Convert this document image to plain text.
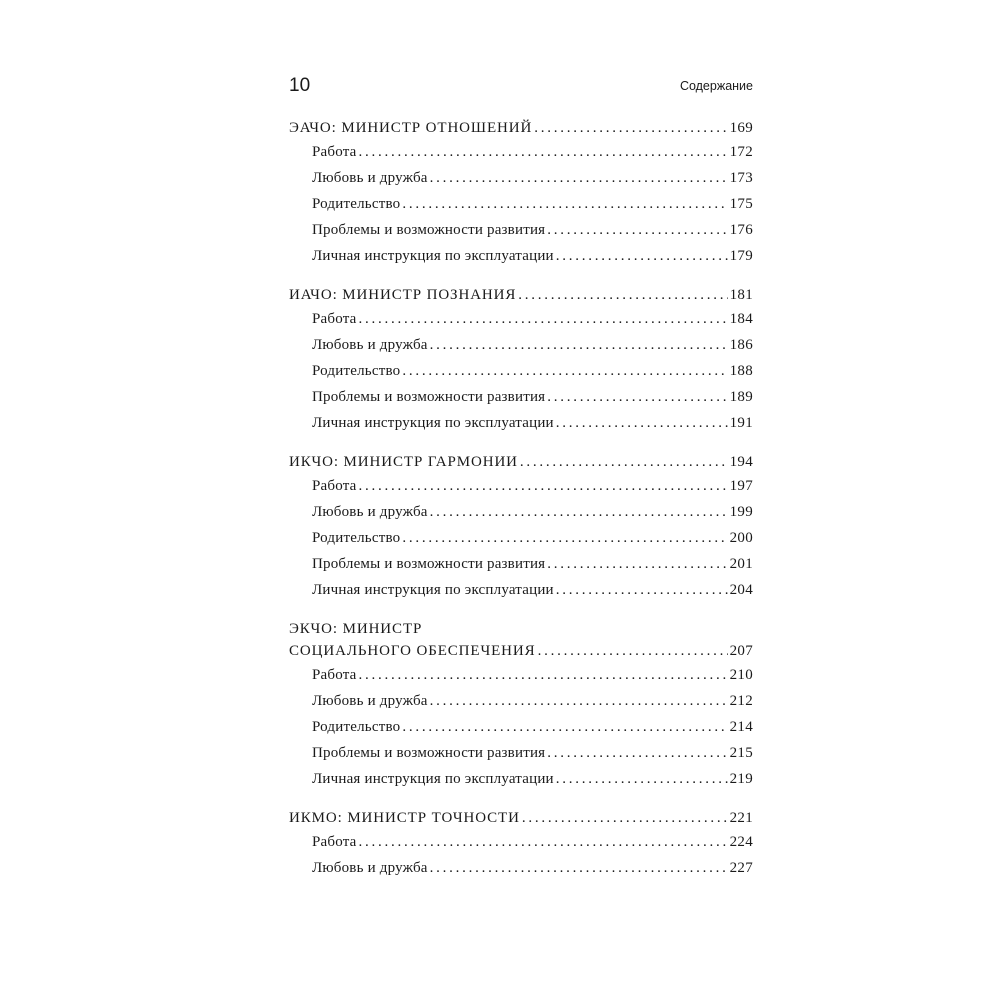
10	Содержание
ЭАЧО: МИНИСТР ОТНОШЕНИЙ . . .	169
Работа . . .	172
Любовь и дружба . . .	173
Родительство . . .	175
Проблемы и возможности развития . . .	176
Личная инструкция по эксплуатации . . .	179
ИАЧО: МИНИСТР ПОЗНАНИЯ . . .	181
Работа . . .	184
Любовь и дружба . . .	186
Родительство . . .	188
Проблемы и возможности развития . . .	189
Личная инструкция по эксплуатации . . .	191
ИКЧО: МИНИСТР ГАРМОНИИ . . .	194
Работа . . .	197
Любовь и дружба . . .	199
Родительство . . .	200
Проблемы и возможности развития . . .	201
Личная инструкция по эксплуатации . . .	204
ЭКЧО: МИНИСТР
СОЦИАЛЬНОГО ОБЕСПЕЧЕНИЯ . . .	207
Работа . . .	210
Любовь и дружба . . .	212
Родительство . . .	214
Проблемы и возможности развития . . .	215
Личная инструкция по эксплуатации . . .	219
ИКМО: МИНИСТР ТОЧНОСТИ . . .	221
Работа . . .	224
Любовь и дружба . . .	227
